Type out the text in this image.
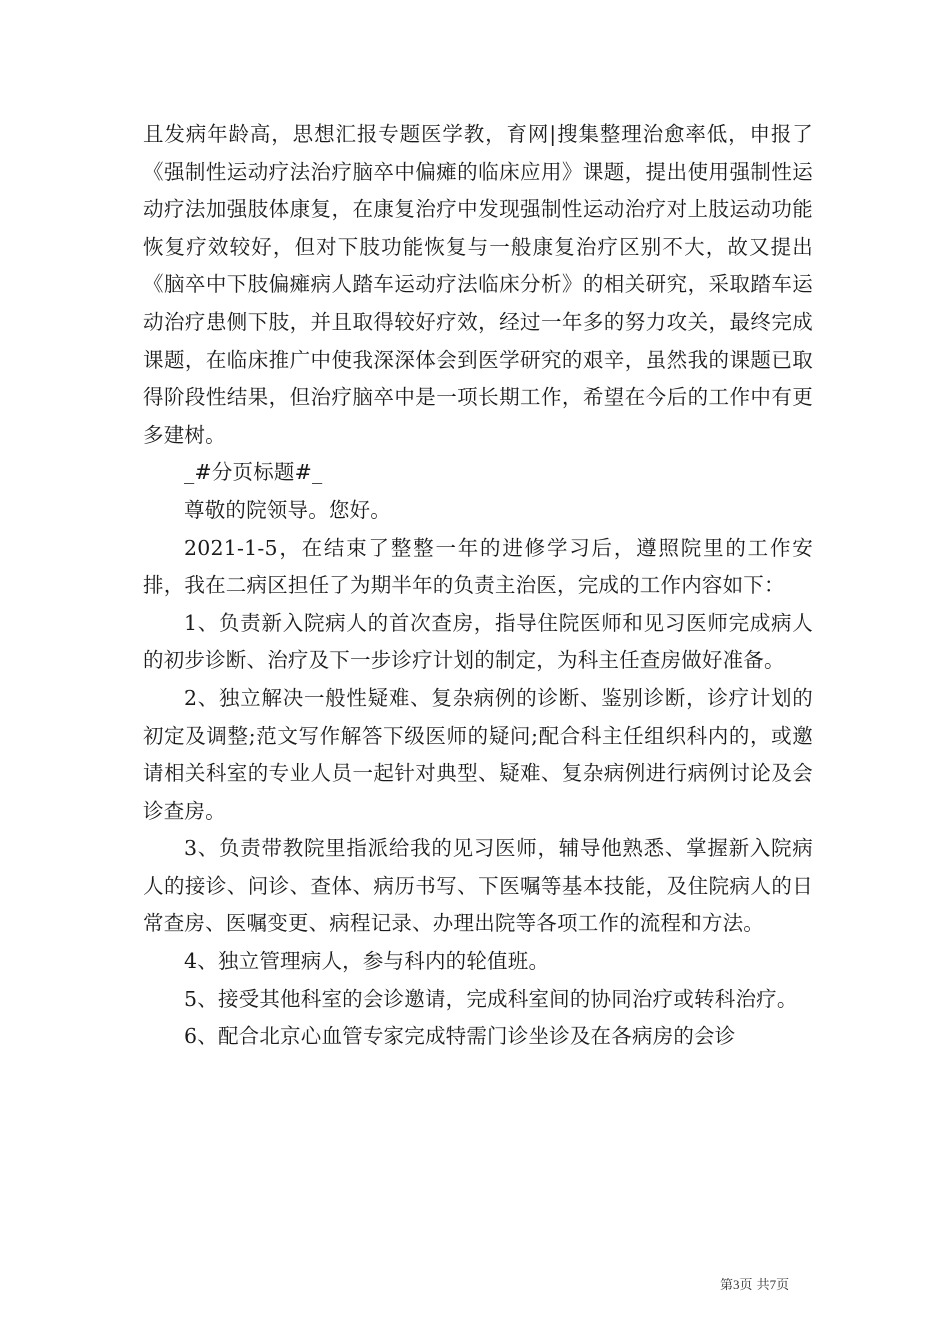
且发病年龄高，思想汇报专题医学教，育网|搜集整理治愈率低，申报了《强制性运动疗法治疗脑卒中偏瘫的临床应用》课题，提出使用强制性运动疗法加强肢体康复，在康复治疗中发现强制性运动治疗对上肢运动功能恢复疗效较好，但对下肢功能恢复与一般康复治疗区别不大，故又提出《脑卒中下肢偏瘫病人踏车运动疗法临床分析》的相关研究，采取踏车运动治疗患侧下肢，并且取得较好疗效，经过一年多的努力攻关，最终完成课题，在临床推广中使我深深体会到医学研究的艰辛，虽然我的课题已取得阶段性结果，但治疗脑卒中是一项长期工作，希望在今后的工作中有更多建树。

_#分页标题#_

尊敬的院领导。您好。

2021-1-5，在结束了整整一年的进修学习后，遵照院里的工作安排，我在二病区担任了为期半年的负责主治医，完成的工作内容如下：

1、负责新入院病人的首次查房，指导住院医师和见习医师完成病人的初步诊断、治疗及下一步诊疗计划的制定，为科主任查房做好准备。

2、独立解决一般性疑难、复杂病例的诊断、鉴别诊断，诊疗计划的初定及调整;范文写作解答下级医师的疑问;配合科主任组织科内的，或邀请相关科室的专业人员一起针对典型、疑难、复杂病例进行病例讨论及会诊查房。

3、负责带教院里指派给我的见习医师，辅导他熟悉、掌握新入院病人的接诊、问诊、查体、病历书写、下医嘱等基本技能，及住院病人的日常查房、医嘱变更、病程记录、办理出院等各项工作的流程和方法。

4、独立管理病人，参与科内的轮值班。

5、接受其他科室的会诊邀请，完成科室间的协同治疗或转科治疗。

6、配合北京心血管专家完成特需门诊坐诊及在各病房的会诊

第3页 共7页
